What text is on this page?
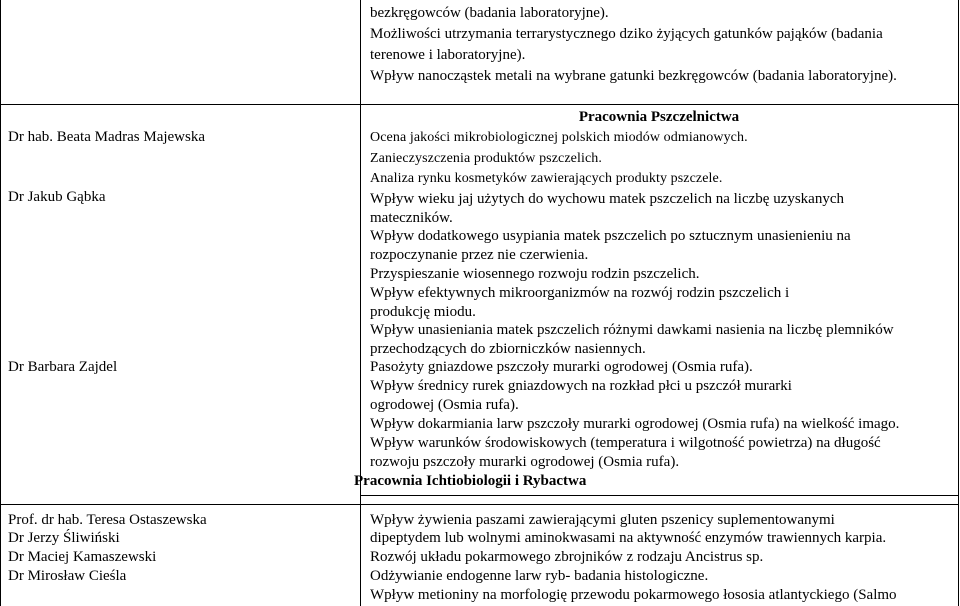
bezkręgowców (badania laboratoryjne).
Możliwości utrzymania terrarystycznego dziko żyjących gatunków pająków (badania
terenowe i laboratoryjne).
Wpływ nanocząstek metali na wybrane gatunki bezkręgowców (badania laboratoryjne).
Dr hab. Beata Madras Majewska
Dr Jakub Gąbka
Dr Barbara Zajdel
Pracownia Pszczelnictwa
Ocena jakości mikrobiologicznej polskich miodów odmianowych.
Zanieczyszczenia produktów pszczelich.
Analiza rynku kosmetyków zawierających produkty pszczele.
Wpływ wieku jaj użytych do wychowu matek pszczelich na liczbę uzyskanych
mateczników.
Wpływ dodatkowego usypiania matek pszczelich po sztucznym unasienieniu na
rozpoczynanie przez nie czerwienia.
Przyspieszanie wiosennego rozwoju rodzin pszczelich.
Wpływ efektywnych mikroorganizmów na rozwój rodzin pszczelich i
produkcję miodu.
Wpływ unasieniania matek pszczelich różnymi dawkami nasienia na liczbę plemników
przechodzących do zbiorniczków nasiennych.
Pasożyty gniazdowe pszczoły murarki ogrodowej (Osmia rufa).
Wpływ średnicy rurek gniazdowych na rozkład płci u pszczół murarki
ogrodowej (Osmia rufa).
Wpływ dokarmiania larw pszczoły murarki ogrodowej (Osmia rufa) na wielkość imago.
Wpływ warunków środowiskowych (temperatura i wilgotność powietrza) na długość
rozwoju pszczoły murarki ogrodowej (Osmia rufa).
Pracownia Ichtiobiologii i Rybactwa
Prof. dr hab. Teresa Ostaszewska
Dr Jerzy Śliwiński
Dr Maciej Kamaszewski
Dr Mirosław Cieśla
Wpływ żywienia paszami zawierającymi gluten pszenicy suplementowanymi
dipeptydem lub wolnymi aminokwasami na aktywność enzymów trawiennych karpia.
Rozwój układu pokarmowego zbrojników z rodzaju Ancistrus sp.
Odżywianie endogenne larw ryb- badania histologiczne.
Wpływ metioniny na morfologię przewodu pokarmowego łososia atlantyckiego (Salmo
